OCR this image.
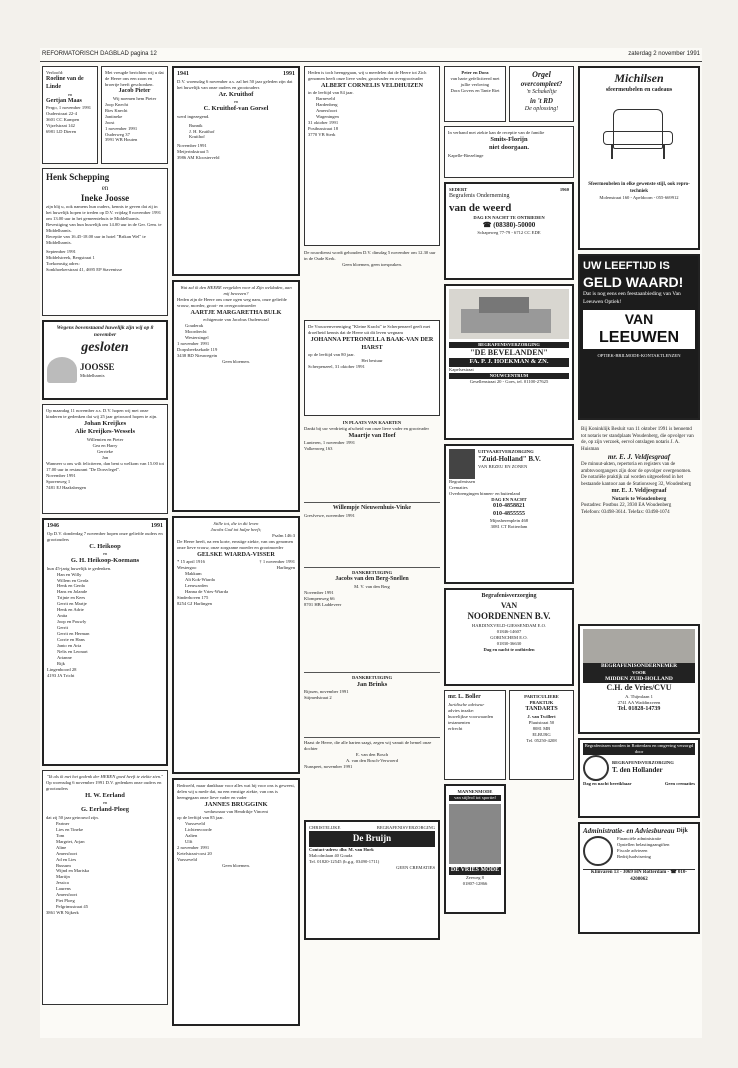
REFORMATORISCH DAGBLAD pagina 12	zaterdag 2 november 1991
Verloofd:
Roeline van de Linde
en
Gertjan Maas
Pergo, 1 november 1991
Ouderstraat 22-4
3601 CC Kampen
Vijzelstraat 142
6981 LD Dieren
Met vreugde berichten wij u dat de Heere ons een zoon en broertje heeft geschonken.
Jacob Pieter
Wij noemen hem Pieter
Joop Knecht
Ries Knecht
Jantineke
Joost
1 november 1991
Ouderweg 37
3991 WB Houten
Henk Schepping
en
Ineke Joosse
zijn blij u, ook namens hun ouders, kennis te geven dat zij in het huwelijk hopen te treden op D.V. vrijdag 8 november 1991 om 13.00 uur in het gemeentehuis te Middelharnis.
Bevestiging van hun huwelijk om 14.00 uur in de Ger. Gem. te Middelharnis.
Receptie van 16.45-18.00 uur in hotel "Brikan Wel" te Middelharnis.
September 1991
Middelstreek, Bergstraat 1
Toekomstig adres:
Sonkhoekerstraat 41, 4695 EP Stavenisse
Wegens bovenstaand huwelijk zijn wij op 8 november
gesloten
JOOSSE
Middelharnis
Op maandag 11 november a.s. D.V. hopen wij met onze kinderen te gedenken dat wij 25 jaar getrouwd hopen te zijn.
Johan Kreijkes
Alie Kreijkes-Wessels
Willemien en Pieter
Gea en Harry
Gerrieke
Jan
Wanneer u ons wilt feliciteren, dan bent u welkom van 15.00 tot 17.00 uur in restaurant "De Dorsvlegel".
November 1991
Sporenweg 1
7481 EJ Haaksbergen
1946	1991
Op D.V. donderdag 7 november hopen onze geliefde ouders en grootouders
C. Heikoop
en
G. H. Heikoop-Koemans
hun 45-jarig huwelijk te gedenken.
Han en Willy
Willem en Gerda
Henk en Gerda
Hans en Jolande
Trijnie en Kees
Gerrit en Martje
Henk en Adrie
Anita
Joop en Pouwly
Gerrit
Gerrit en Herman
Corrie en Hans
Janto en Aria
Nelis en Leonart
Arianne
Rijk
Lingenboord 28
4193 JA Tricht
"Ik als ik met het gedenk der HEREN goed heeft te ziekte zien."
Op woensdag 6 november 1991 D.V. gedenken onze ouders en grootouders
H. W. Eerland
en
G. Eerland-Ploeg
dat zij 50 jaar getrouwd zijn.
Partner
Lies en Tineke
Tom
Margriet, Arjan
Aline
Amersfoort
Ad en Lies
Bussum
Wijnd en Mariska
Martijn
Jessica
Laurens
Amersfoort
Piet Ploeg
Pelgrimsstraat 45
3861 WR Nijkerk
1941	1991
D.V. woensdag 6 november a.s. zal het 50 jaar geleden zijn dat het huwelijk van onze ouders en grootouders
Ar. Kruithof
en
C. Kruithof-van Gorsel
werd ingezegend.
Bunnik
J. H. Kruithof
Kruithof
November 1991
Meijerinkstraat 5
3986 AM Kloosterveld
Wat zal ik den HEERE vergelden voor al Zijn weldaden, aan mij bewezen?
Heden zijn de Heere ons onze ogen weg nam, onze geliefde vrouw, moeder, groot- en overgrootmoeder
AARTJE MARGARETHA BULK
echtgenote van Jacobus Oudenwaal
Gouderak
Moordrecht
Westersingel
1 november 1991
Dorpsbeeksekade 119
3438 BD Nieuwegein
Geen bloemen.
Stille tot, die in dit leven
Jacobs God tot hulpe heeft;
Psalm 146:3
De Heere heeft, na een korte, ernstige ziekte, van ons genomen onze lieve vrouw, onze zorgzame moeder en grootmoeder
GELSKE WIARDA-VISSER
* 15 april 1916	† 1 november 1991
Westergoo	Harlingen
Makkum
Alt Kok-Wiarda
Leeuwarden
Hanna de Vries-Wiarda
Sinderhoven 175
8254 GJ Harlingen
Bedroefd, maar dankbaar voor alles wat hij voor ons is geweest, delen wij u mede dat, na een ernstige ziekte, van ons is heengegaan onze lieve vader en vader
JANNES BRUGGINK
weduwnaar van Hendrikje Vincent
op de leeftijd van 85 jaar.
Varsseveld
Lichtenvoorde
Aalten
Ulft
2 november 1991
Ketelstraat-oost 20
Varsseveld
Geen bloemen.
Heden is toch heengegaan, wij u meedelen dat de Heere tot Zich genomen heeft onze lieve vader, grootvader en overgrootvader
ALBERT CORNELIS VELDHUIZEN
in de leeftijd van 84 jaar.
Barneveld
Hardenberg
Amersfoort
Wageningen
31 oktober 1991
Postbusstraat 18
3770 VB Sterk
De rouwdienst wordt gehouden D.V. dinsdag 5 november om 12.30 uur in de Oude Kerk.
Geen bloemen, geen toespraken.
De Vrouwenvereniging "Kleine Kracht" te Scherpenzeel geeft met droefheid kennis dat de Heere uit dit leven wegnam
JOHANNA PETRONELLA BAAK-VAN DER HARST
op de leeftijd van 80 jaar.
Het bestuur
Scherpenzeel, 31 oktober 1991
IN PLAATS VAN KAARTEN
Dankt bij uw verdrietig afscheid van onze lieve vader en grootvader
Maartje van Hoef
Lunteren, 1 november 1991
Valkenweg 163
Willempje Nieuwenhuis-Vinke
Gresfvewe, november 1991
DANKBETUIGING
Jacobs van den Berg-Snellen
M. V. van den Berg
November 1991
Klompenweg 66
8701 HB Laddeveer
DANKBETUIGING
Jan Brinks
Rijssen, november 1991
Stijmedstraat 2
Haast de Heere, die alle harten saagt, zegen wij vanuit de hemel onze dochter
E. van den Bosch
A. van den Bosch-Verwoerd
Nunspeet, november 1991
CHRISTELIJKE	BEGRAFENISVERZORGING
De Bruijn
Contact-adres: dhr. M. van Hork
Malcolmlaan 40 Gouda
Tel. 01820-12545 (b.g.g. 03490-1711)
GEEN CREMATIES
Peter en Dora
van harte gefeliciteerd met jullie verloving
Dora Govers en Tante Riet
Orgel
overcompleet?
'n Schakeltje
in 't RD
De oplossing!
In verband met ziekte kan de receptie van de familie
Smits-Florijn
niet doorgaan.
Kapelle-Biezelinge
SEDERT	1960
Begrafenis Onderneming
van de weerd
DAG EN NACHT TE ONTBIEDEN
☎ (08380)-50000
Schapeweg 77-79 - 6712 CC EDE
BEGRAFENISVERZORGING
"DE BEVELANDEN"
FA. P. J. HOEKMAN & ZN.
Kapelsestraat
NOUWCENTRUM
Gesellenstraat 20 - Goes, tel. 01100-27625
UITVAARTVERZORGING
"Zuid-Holland" B.V.
VAN BEZEU EN ZONEN
Begrafenissen
Crematies
Overbrengingen binnen- en buitenland
DAG EN NACHT
010-4858821
010-4855555
Mijnsherenplein 468
3081 CT Rotterdam
Begrafenisverzorging
VAN
NOORDENNEN B.V.
HARDINXVELD-GIESSENDAM E.O.
01846-14607
GORINCHEM E.O.
01830-36630
Dag en nacht te ontbieden
mr. L. Boller
Juridische adviseur
advies inzake:
huwelijkse voorwaarden
testamenten
erfrecht
PARTICULIERE PRAKTIJK
TANDARTS
J. van Twillert
Pluutstraat 50
8081 MB
ELBURG
Tel. 05250-4208
MANNENMODE
van stijlvol tot sportief
DE VRIES MODE
Zeeweg 8
01807-12866
Michilsen
sfeermeubelen en cadeaus
Sfeermeubelen in elke gewenste stijl, ook repro-techniek
Molenstraat 160 - Apeldoorn - 055-669912
UW LEEFTIJD IS
GELD WAARD!
Dat is nog eens een feestaanbieding van Van Leeuwen Optiek!
VAN
LEEUWEN
OPTIEK-BRILMODE-KONTAKTLENZEN
Bij Koninklijk Besluit van 11 oktober 1991 is benoemd tot notaris ter standplaats Woudenberg, die opvolger van de, op zijn verzoek, eervol ontslagen notaris J. A. Huisman
mr. E. J. Veldjesgraaf
De minuut-akten, repertoria en registers van de ambtsvoorgangers zijn door de opvolger overgenomen.
De notariële praktijk zal worden uitgeoefend in het bestaande kantoor aan de Stationsweg 32, Woudenberg
mr. E. J. Veldjesgraaf
Notaris te Woudenberg
Postadres: Postbus 22, 3930 EA Woudenberg
Telefoon: 03498-3614. Telefax: 03498-1074
BEGRAFENISONDERNEMER
VOOR
MIDDEN ZUID-HOLLAND
C.H. de Vries/CVU
A. Thijmlaan 1
2741 AA Waddinxveen
Tel. 01828-14739
Begrafenissen worden in Rotterdam en omgeving verzorgd door
BEGRAFENISVERZORGING
T. den Hollander
Dag en nacht bereikbaar	Geen crematies
Administratie- en Adviesbureau Dijk
Financiële administratie
Opstellen belastingaangiften
Fiscale adviezen
Bedrijfsadvisering
Klinvaren 13 - 3069 HN Rotterdam - ☎ 010-4208062
